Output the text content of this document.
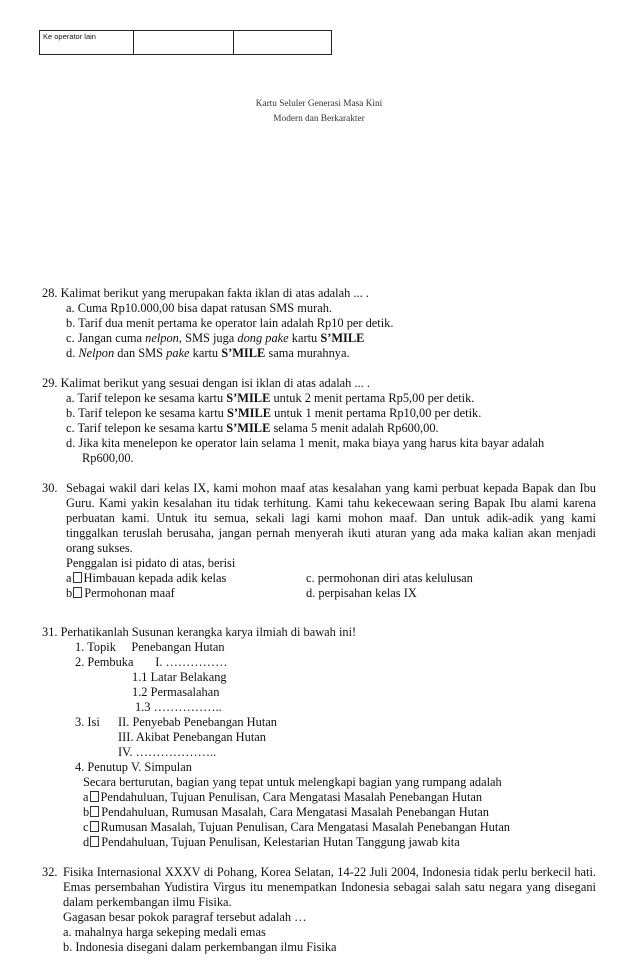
Ke operator lain		
Kartu Seluler Generasi Masa Kini
Modern dan Berkarakter
28. Kalimat berikut yang merupakan fakta iklan di atas adalah ... .
a. Cuma Rp10.000,00 bisa dapat ratusan SMS murah.
b. Tarif dua menit pertama ke operator lain adalah Rp10 per detik.
c. Jangan cuma nelpon, SMS juga dong pake kartu S’MILE
d. Nelpon dan SMS pake kartu S’MILE sama murahnya.
29. Kalimat berikut yang sesuai dengan isi iklan di atas adalah ... .
a. Tarif telepon ke sesama kartu S’MILE untuk 2 menit pertama Rp5,00 per detik.
b. Tarif telepon ke sesama kartu S’MILE untuk 1 menit pertama Rp10,00 per detik.
c. Tarif telepon ke sesama kartu S’MILE selama 5 menit adalah Rp600,00.
d. Jika kita menelepon ke operator lain selama 1 menit, maka biaya yang harus kita bayar adalah
Rp600,00.
30. Sebagai wakil dari kelas IX, kami mohon maaf atas kesalahan yang kami perbuat kepada Bapak dan Ibu Guru. Kami yakin kesalahan itu tidak terhitung. Kami tahu kekecewaan sering Bapak Ibu alami karena perbuatan kami. Untuk itu semua, sekali lagi kami mohon maaf. Dan untuk adik-adik yang kami tinggalkan teruslah berusaha, jangan pernah menyerah ikuti aturan yang ada maka kalian akan menjadi orang sukses.
Penggalan isi pidato di atas, berisi
a Himbauan kepada adik kelas
b Permohonan maaf
c. permohonan diri atas kelulusan
d. perpisahan kelas IX
31. Perhatikanlah Susunan kerangka karya ilmiah di bawah ini!
1. Topik     Penebangan Hutan
2. Pembuka       I. ……………
1.1 Latar Belakang
1.2 Permasalahan
1.3 ……………..
3. Isi II. Penyebab Penebangan Hutan
III. Akibat Penebangan Hutan
IV. ………………..
4. Penutup V. Simpulan
Secara berturutan, bagian yang tepat untuk melengkapi bagian yang rumpang adalah
a Pendahuluan, Tujuan Penulisan, Cara Mengatasi Masalah Penebangan Hutan
b Pendahuluan, Rumusan Masalah, Cara Mengatasi Masalah Penebangan Hutan
c Rumusan Masalah, Tujuan Penulisan, Cara Mengatasi Masalah Penebangan Hutan
d Pendahuluan, Tujuan Penulisan, Kelestarian Hutan Tanggung jawab kita
32. Fisika Internasional XXXV di Pohang, Korea Selatan, 14-22 Juli 2004, Indonesia tidak perlu berkecil hati. Emas persembahan Yudistira Virgus itu menempatkan Indonesia sebagai salah satu negara yang disegani dalam perkembangan ilmu Fisika.
Gagasan besar pokok paragraf tersebut adalah …
a. mahalnya harga sekeping medali emas
b. Indonesia disegani dalam perkembangan ilmu Fisika
